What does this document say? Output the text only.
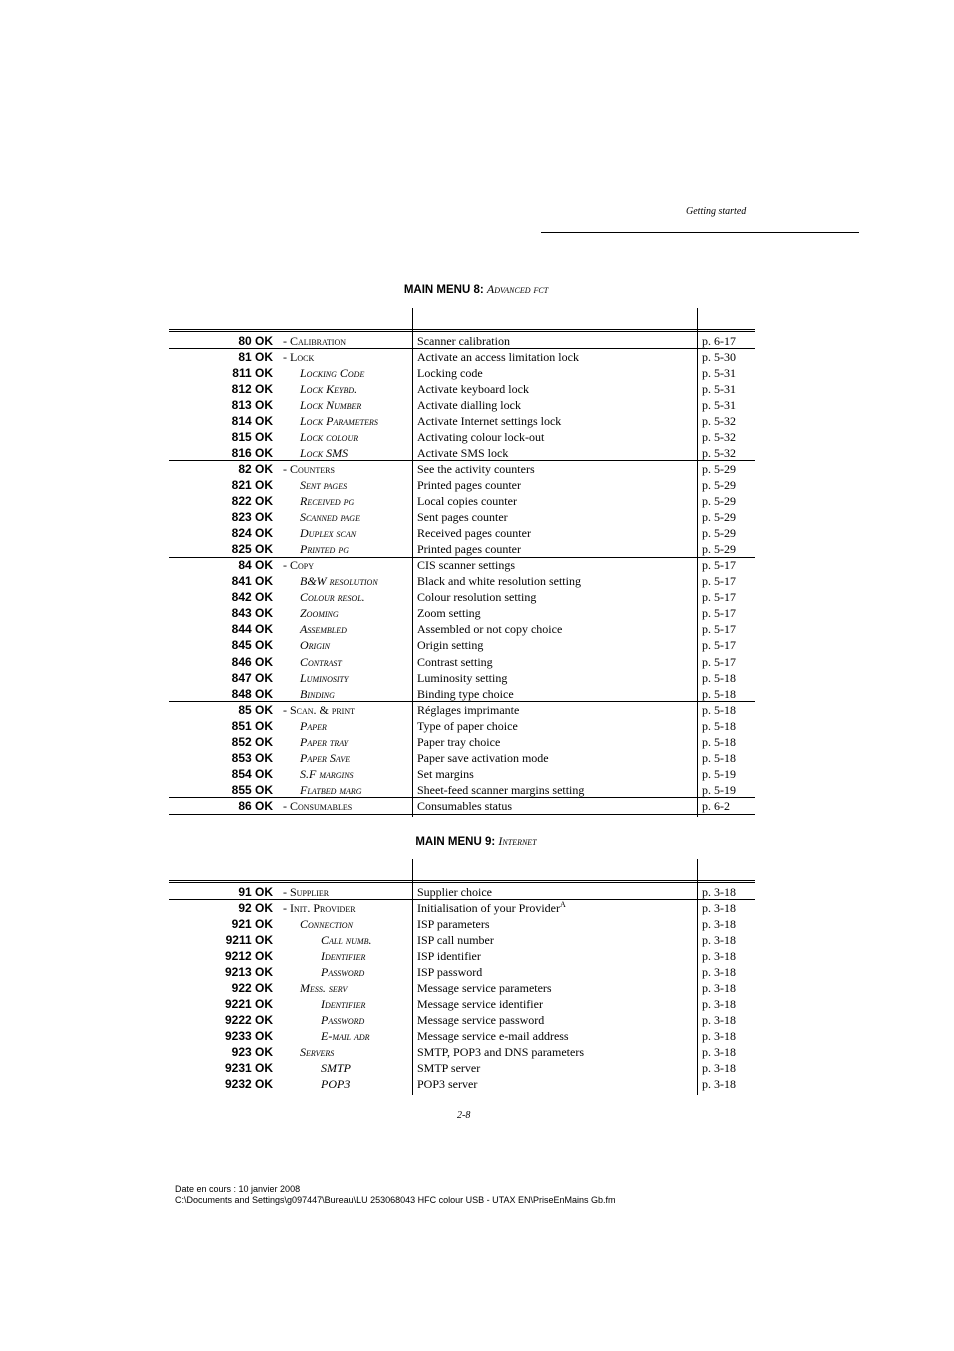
Getting started
MAIN MENU 8: Advanced fct
80 OK - Calibration	Scanner calibration	p. 6-17
81 OK - Lock	Activate an access limitation lock	p. 5-30
811 OK Locking Code	Locking code	p. 5-31
812 OK Lock Keybd.	Activate keyboard lock	p. 5-31
813 OK Lock Number	Activate dialling lock	p. 5-31
814 OK Lock Parameters	Activate Internet settings lock	p. 5-32
815 OK Lock colour	Activating colour lock-out	p. 5-32
816 OK Lock SMS	Activate SMS lock	p. 5-32
82 OK - Counters	See the activity counters	p. 5-29
821 OK Sent pages	Printed pages counter	p. 5-29
822 OK Received pg	Local copies counter	p. 5-29
823 OK Scanned page	Sent pages counter	p. 5-29
824 OK Duplex scan	Received pages counter	p. 5-29
825 OK Printed pg	Printed pages counter	p. 5-29
84 OK - Copy	CIS scanner settings	p. 5-17
841 OK B&W resolution	Black and white resolution setting	p. 5-17
842 OK Colour resol.	Colour resolution setting	p. 5-17
843 OK Zooming	Zoom setting	p. 5-17
844 OK Assembled	Assembled or not copy choice	p. 5-17
845 OK Origin	Origin setting	p. 5-17
846 OK Contrast	Contrast setting	p. 5-17
847 OK Luminosity	Luminosity setting	p. 5-18
848 OK Binding	Binding type choice	p. 5-18
85 OK - Scan. & print	Réglages imprimante	p. 5-18
851 OK Paper	Type of paper choice	p. 5-18
852 OK Paper tray	Paper tray choice	p. 5-18
853 OK Paper Save	Paper save activation mode	p. 5-18
854 OK S.F margins	Set margins	p. 5-19
855 OK Flatbed marg	Sheet-feed scanner margins setting	p. 5-19
86 OK - Consumables	Consumables status	p. 6-2
MAIN MENU 9: Internet
91 OK - Supplier	Supplier choice	p. 3-18
92 OK - Init. Provider	Initialisation of your Provider$^A$	p. 3-18
921 OK Connection	ISP parameters	p. 3-18
9211 OK	Call numb.	ISP call number	p. 3-18
9212 OK	Identifier	ISP identifier	p. 3-18
9213 OK	Password	ISP password	p. 3-18
922 OK Mess. serv	Message service parameters	p. 3-18
9221 OK	Identifier	Message service identifier	p. 3-18
9222 OK	Password	Message service password	p. 3-18
9233 OK	E-mail adr	Message service e-mail address	p. 3-18
923 OK Servers	SMTP, POP3 and DNS parameters	p. 3-18
9231 OK	SMTP	SMTP server	p. 3-18
9232 OK	POP3	POP3 server	p. 3-18
2-8
Date en cours : 10 janvier 2008
C:\Documents and Settings\g097447\Bureau\LU 253068043 HFC colour USB - UTAX EN\PriseEnMains Gb.fm
